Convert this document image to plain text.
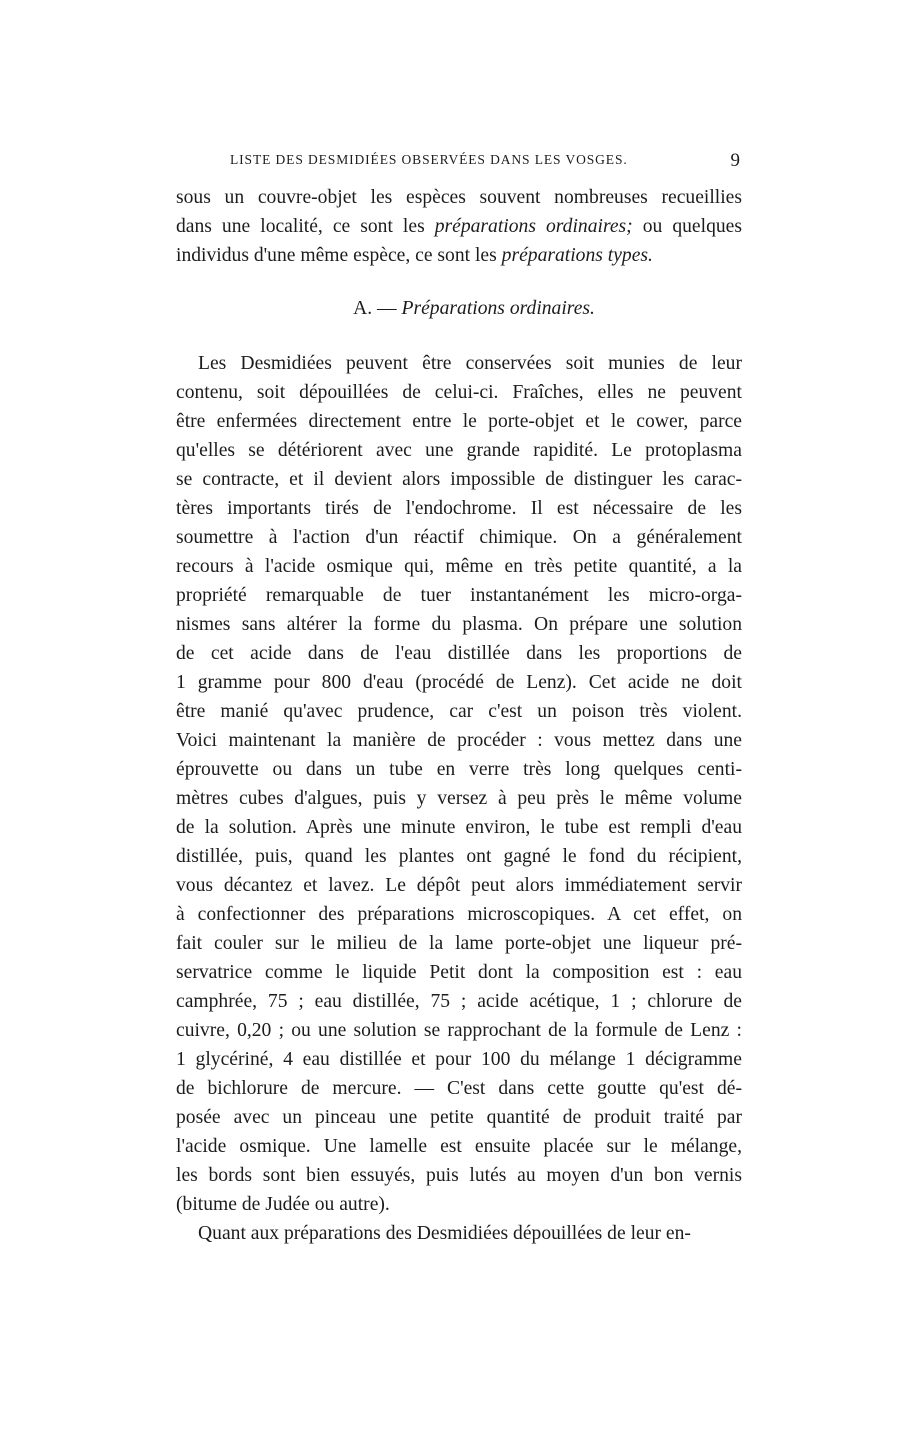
LISTE DES DESMIDIÉES OBSERVÉES DANS LES VOSGES.	9
sous un couvre-objet les espèces souvent nombreuses recueillies
dans une localité, ce sont les préparations ordinaires; ou quelques
individus d'une même espèce, ce sont les préparations types.
A. — Préparations ordinaires.
Les Desmidiées peuvent être conservées soit munies de leur
contenu, soit dépouillées de celui-ci. Fraîches, elles ne peuvent
être enfermées directement entre le porte-objet et le cower, parce
qu'elles se détériorent avec une grande rapidité. Le protoplasma
se contracte, et il devient alors impossible de distinguer les carac-
tères importants tirés de l'endochrome. Il est nécessaire de les
soumettre à l'action d'un réactif chimique. On a généralement
recours à l'acide osmique qui, même en très petite quantité, a la
propriété remarquable de tuer instantanément les micro-orga-
nismes sans altérer la forme du plasma. On prépare une solution
de cet acide dans de l'eau distillée dans les proportions de
1 gramme pour 800 d'eau (procédé de Lenz). Cet acide ne doit
être manié qu'avec prudence, car c'est un poison très violent.
Voici maintenant la manière de procéder : vous mettez dans une
éprouvette ou dans un tube en verre très long quelques centi-
mètres cubes d'algues, puis y versez à peu près le même volume
de la solution. Après une minute environ, le tube est rempli d'eau
distillée, puis, quand les plantes ont gagné le fond du récipient,
vous décantez et lavez. Le dépôt peut alors immédiatement servir
à confectionner des préparations microscopiques. A cet effet, on
fait couler sur le milieu de la lame porte-objet une liqueur pré-
servatrice comme le liquide Petit dont la composition est : eau
camphrée, 75 ; eau distillée, 75 ; acide acétique, 1 ; chlorure de
cuivre, 0,20 ; ou une solution se rapprochant de la formule de Lenz :
1 glycériné, 4 eau distillée et pour 100 du mélange 1 décigramme
de bichlorure de mercure. — C'est dans cette goutte qu'est dé-
posée avec un pinceau une petite quantité de produit traité par
l'acide osmique. Une lamelle est ensuite placée sur le mélange,
les bords sont bien essuyés, puis lutés au moyen d'un bon vernis
(bitume de Judée ou autre).
Quant aux préparations des Desmidiées dépouillées de leur en-
